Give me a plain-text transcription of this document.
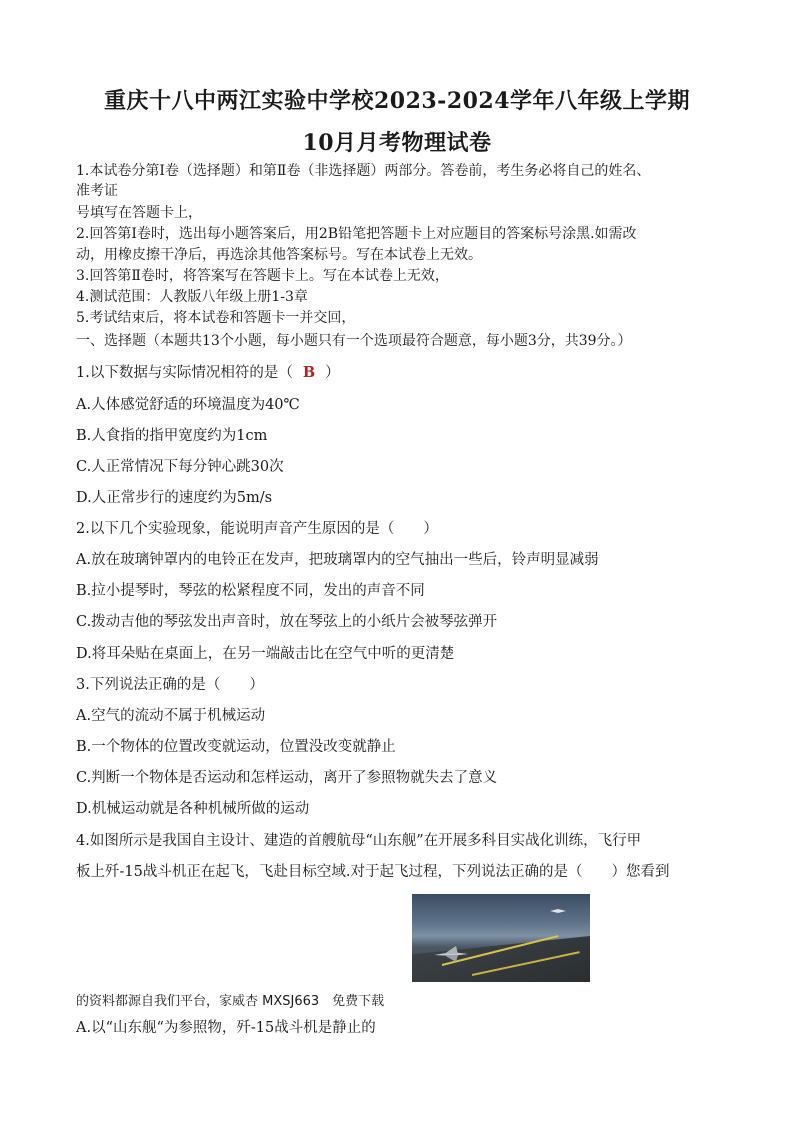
重庆十八中两江实验中学校2023-2024学年八年级上学期
10月月考物理试卷
1.本试卷分第Ⅰ卷（选择题）和第Ⅱ卷（非选择题）两部分。答卷前，考生务必将自己的姓名、
准考证
号填写在答题卡上，
2.回答第Ⅰ卷时，选出每小题答案后，用2B铅笔把答题卡上对应题目的答案标号涂黑.如需改
动，用橡皮擦干净后，再选涂其他答案标号。写在本试卷上无效。
3.回答第Ⅱ卷时，将答案写在答题卡上。写在本试卷上无效，
4.测试范围：人教版八年级上册1-3章
5.考试结束后，将本试卷和答题卡一并交回，
一、选择题（本题共13个小题，每小题只有一个选项最符合题意，每小题3分，共39分。）
1.以下数据与实际情况相符的是（ B ）
A.人体感觉舒适的环境温度为40℃
B.人食指的指甲宽度约为1cm
C.人正常情况下每分钟心跳30次
D.人正常步行的速度约为5m/s
2.以下几个实验现象，能说明声音产生原因的是（　　）
A.放在玻璃钟罩内的电铃正在发声，把玻璃罩内的空气抽出一些后，铃声明显减弱
B.拉小提琴时，琴弦的松紧程度不同，发出的声音不同
C.拨动吉他的琴弦发出声音时，放在琴弦上的小纸片会被琴弦弹开
D.将耳朵贴在桌面上，在另一端敲击比在空气中听的更清楚
3.下列说法正确的是（　　）
A.空气的流动不属于机械运动
B.一个物体的位置改变就运动，位置没改变就静止
C.判断一个物体是否运动和怎样运动，离开了参照物就失去了意义
D.机械运动就是各种机械所做的运动
4.如图所示是我国自主设计、建造的首艘航母“山东舰”在开展多科目实战化训练，飞行甲
板上歼-15战斗机正在起飞，飞赴目标空域.对于起飞过程，下列说法正确的是（　　）您看到
的资料都源自我们平台，家威杏 MXSJ663　免费下载
A.以“山东舰“为参照物，歼-15战斗机是静止的
